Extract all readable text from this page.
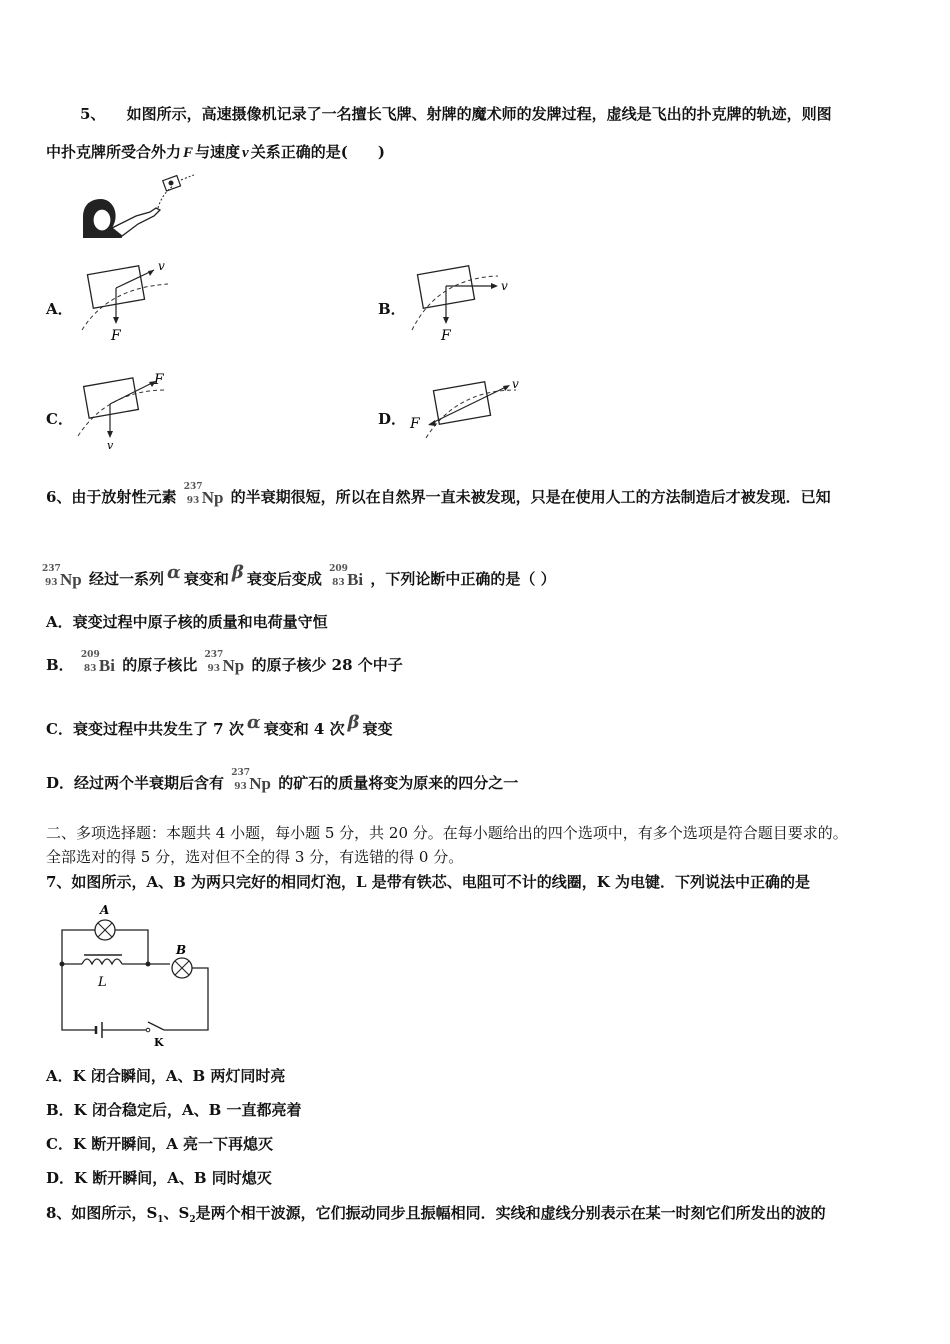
5、 如图所示，高速摄像机记录了一名擅长飞牌、射牌的魔术师的发牌过程，虚线是飞出的扑克牌的轨迹，则图
中扑克牌所受合外力 F 与速度 v 关系正确的是(　　)
A．
v
F
B．
v
F
C．
F
v
D．
v
F
6、由于放射性元素
237
93 Np 的半衰期很短，所以在自然界一直未被发现，只是在使用人工的方法制造后才被发现．已知
237
93 Np 经过一系列 α 衰变和 β 衰变后变成
209
83 Bi ，下列论断中正确的是（ ）
A．衰变过程中原子核的质量和电荷量守恒
B．
209
83 Bi 的原子核比
237
93 Np 的原子核少 28 个中子
C．衰变过程中共发生了 7 次 α 衰变和 4 次 β 衰变
D．经过两个半衰期后含有
237
93 Np 的矿石的质量将变为原来的四分之一
二、多项选择题：本题共 4 小题，每小题 5 分，共 20 分。在每小题给出的四个选项中，有多个选项是符合题目要求的。
全部选对的得 5 分，选对但不全的得 3 分，有选错的得 0 分。
7、如图所示，A、B 为两只完好的相同灯泡，L 是带有铁芯、电阻可不计的线圈，K 为电键．下列说法中正确的是
A
L
B
K
A．K 闭合瞬间，A、B 两灯同时亮
B．K 闭合稳定后，A、B 一直都亮着
C．K 断开瞬间，A 亮一下再熄灭
D．K 断开瞬间，A、B 同时熄灭
8、如图所示，$S_1$、$S_2$是两个相干波源，它们振动同步且振幅相同．实线和虚线分别表示在某一时刻它们所发出的波的
